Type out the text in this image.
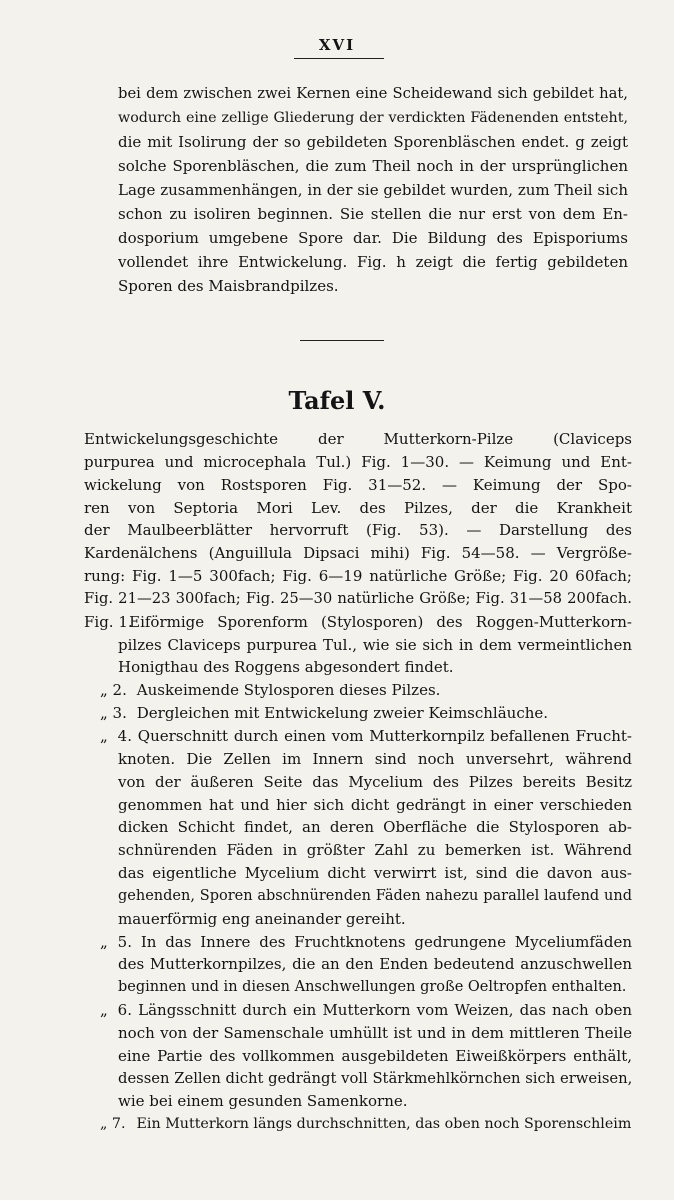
XVI
bei dem zwischen zwei Kernen eine Scheidewand sich gebildet hat,
wodurch eine zellige Gliederung der verdickten Fädenenden entsteht,
die mit Isolirung der so gebildeten Sporenbläschen endet. g zeigt
solche Sporenbläschen, die zum Theil noch in der ursprünglichen
Lage zusammenhängen, in der sie gebildet wurden, zum Theil sich
schon zu isoliren beginnen. Sie stellen die nur erst von dem En-
dosporium umgebene Spore dar. Die Bildung des Episporiums
vollendet ihre Entwickelung. Fig. h zeigt die fertig gebildeten
Sporen des Maisbrandpilzes.
Tafel V.
Entwickelungsgeschichte der Mutterkorn-Pilze (Claviceps
purpurea und microcephala Tul.) Fig. 1—30. — Keimung und Ent-
wickelung von Rostsporen Fig. 31—52. — Keimung der Spo-
ren von Septoria Mori Lev. des Pilzes, der die Krankheit
der Maulbeerblätter hervorruft (Fig. 53). — Darstellung des
Kardenälchens (Anguillula Dipsaci mihi) Fig. 54—58. — Vergröße-
rung: Fig. 1—5 300fach; Fig. 6—19 natürliche Größe; Fig. 20 60fach;
Fig. 21—23 300fach; Fig. 25—30 natürliche Größe; Fig. 31—58 200fach.
Fig. 1. Eiförmige Sporenform (Stylosporen) des Roggen-Mutterkorn-
pilzes Claviceps purpurea Tul., wie sie sich in dem vermeintlichen
Honigthau des Roggens abgesondert findet.
„ 2. Auskeimende Stylosporen dieses Pilzes.
„ 3. Dergleichen mit Entwickelung zweier Keimschläuche.
„ 4. Querschnitt durch einen vom Mutterkornpilz befallenen Frucht-
knoten. Die Zellen im Innern sind noch unversehrt, während
von der äußeren Seite das Mycelium des Pilzes bereits Besitz
genommen hat und hier sich dicht gedrängt in einer verschieden
dicken Schicht findet, an deren Oberfläche die Stylosporen ab-
schnürenden Fäden in größter Zahl zu bemerken ist. Während
das eigentliche Mycelium dicht verwirrt ist, sind die davon aus-
gehenden, Sporen abschnürenden Fäden nahezu parallel laufend und
mauerförmig eng aneinander gereiht.
„ 5. In das Innere des Fruchtknotens gedrungene Myceliumfäden
des Mutterkornpilzes, die an den Enden bedeutend anzuschwellen
beginnen und in diesen Anschwellungen große Oeltropfen enthalten.
„ 6. Längsschnitt durch ein Mutterkorn vom Weizen, das nach oben
noch von der Samenschale umhüllt ist und in dem mittleren Theile
eine Partie des vollkommen ausgebildeten Eiweißkörpers enthält,
dessen Zellen dicht gedrängt voll Stärkmehlkörnchen sich erweisen,
wie bei einem gesunden Samenkorne.
„ 7. Ein Mutterkorn längs durchschnitten, das oben noch Sporenschleim
